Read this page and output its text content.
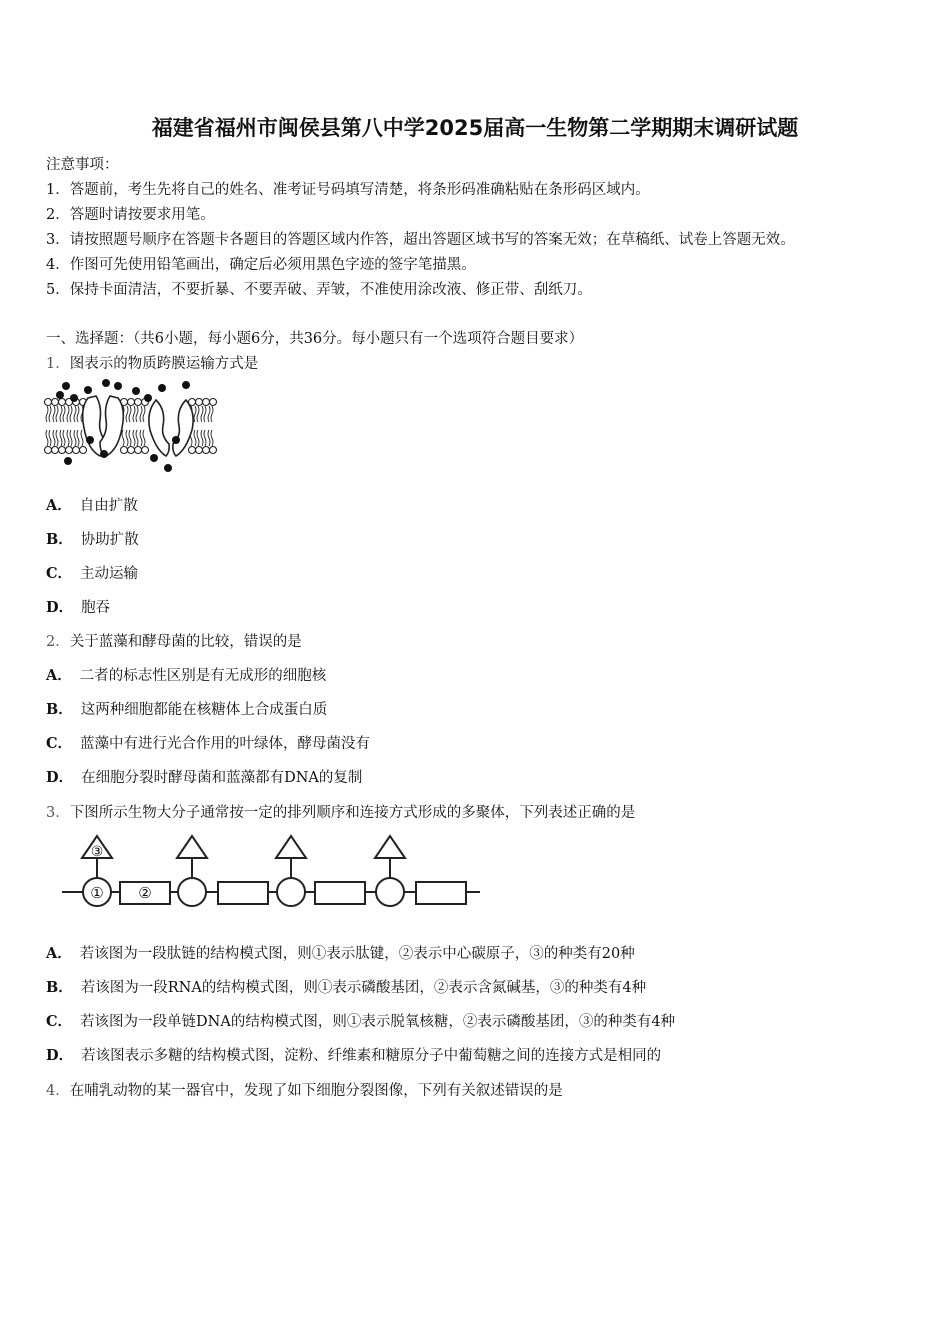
福建省福州市闽侯县第八中学2025届高一生物第二学期期末调研试题
注意事项：
1．答题前，考生先将自己的姓名、准考证号码填写清楚，将条形码准确粘贴在条形码区域内。
2．答题时请按要求用笔。
3．请按照题号顺序在答题卡各题目的答题区域内作答，超出答题区域书写的答案无效；在草稿纸、试卷上答题无效。
4．作图可先使用铅笔画出，确定后必须用黑色字迹的签字笔描黑。
5．保持卡面清洁，不要折暴、不要弄破、弄皱，不准使用涂改液、修正带、刮纸刀。
一、选择题：（共6小题，每小题6分，共36分。每小题只有一个选项符合题目要求）
1．图表示的物质跨膜运输方式是
A． 自由扩散
B． 协助扩散
C． 主动运输
D． 胞吞
2．关于蓝藻和酵母菌的比较，错误的是
A． 二者的标志性区别是有无成形的细胞核
B． 这两种细胞都能在核糖体上合成蛋白质
C． 蓝藻中有进行光合作用的叶绿体，酵母菌没有
D． 在细胞分裂时酵母菌和蓝藻都有DNA的复制
3．下图所示生物大分子通常按一定的排列顺序和连接方式形成的多聚体，下列表述正确的是
③
① ②
A． 若该图为一段肽链的结构模式图，则①表示肽键，②表示中心碳原子，③的种类有20种
B． 若该图为一段RNA的结构模式图，则①表示磷酸基团，②表示含氮碱基，③的种类有4种
C． 若该图为一段单链DNA的结构模式图，则①表示脱氧核糖，②表示磷酸基团，③的种类有4种
D． 若该图表示多糖的结构模式图，淀粉、纤维素和糖原分子中葡萄糖之间的连接方式是相同的
4．在哺乳动物的某一器官中，发现了如下细胞分裂图像，下列有关叙述错误的是
